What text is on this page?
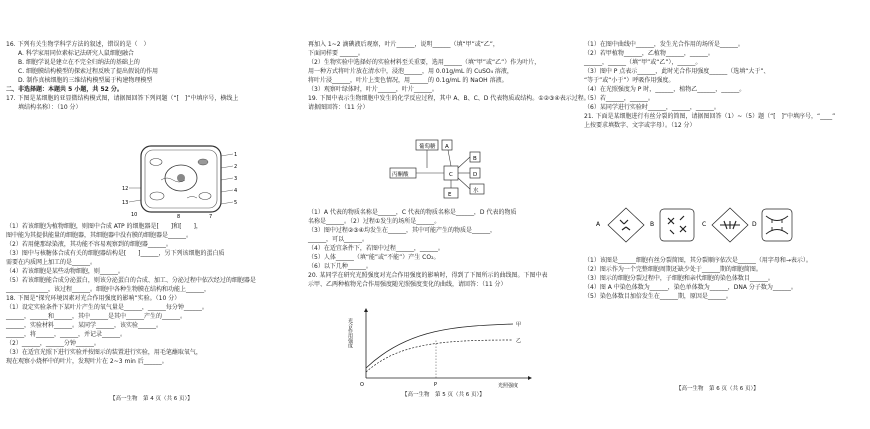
16. 下列有关生物学科学方法的叙述，错误的是（　）

A. 科学家用同位素标记法研究人鼠细胞融合

B. 细胞学说是建立在不完全归纳法的基础上的

C. 细胞膜结构模型的探索过程反映了提出假说的作用

D. 制作真核细胞的三维结构模型属于构建物理模型

二、非选择题：本题共 5 小题，共 52 分。

17. 下图是某细胞的亚显微结构模式图，请据图回答下列问题（“[　]”中填序号，横线上

　　填结构名称）：（10 分）

1
2
3
4
5
12
13
10	8	7

（1）若该细胞为植物细胞，则图中合成 ATP 的细胞器是[　　]和[　　]，

图中能为其提供能量的细胞器，其细胞器中没有膜的细胞器是______。

（2）若用健那绿染液，其功能不容易观察到的细胞器______。

（3）图中与核糖体合成有关的细胞器结构是[　　]______，另下列该细胞的蛋白质

需要在内质网上加工的是______。

（4）若该细胞是某些动物细胞，则______。

（5）若该细胞能合成分泌蛋白，则该分泌蛋白的合成、加工、分泌过程中依次经过的细胞器是

______________，该过程______。细胞中各种生物膜在结构和功能上______，

18. 下图是“探究环境因素对光合作用强度的影响”实验。（10 分）

（1）设定实验条件下某叶片产生的氧气量是______，______每分钟______。

______，______和______，其中______是其中______产生的______。

______，实验材料______。某同学______，该实验______。

______，将______，______，并记录______。

（2）______，______分钟______。

（3）在适宜光照下进行实验并按图示的装置进行实验，用毛笔蘸取氧气，

现在观察小烧杯中的叶片，发现叶片在 2~3 min 后______。

【高一生物　第 4 页（共 6 页）】

再加入 1~2 滴碘液后观察，叶片______，说明______（填“甲”或“乙”，

下面同样要 ______。

（2）生物实验中选择好的实验材料至关重要，选用______（填“甲”或“乙”）作为叶片，

用一种方式将叶片放在清水中，浸泡______，用 0.01g/mL 的 CuSO₄ 溶液，

将叶片浸______，叶片上变色情况，用______的 0.1g/mL 的 NaOH 溶液。

（3）观察叶绿体时，叶片______，叶片______。

19. 下图中表示生物细胞中发生的化学反应过程，其中 A、B、C、D 代表物质或结构。①②③④表示过程。

请据图回答：（11 分）

葡萄糖
丙酮酸
A
B
C	D
水
E

（1）A 代表的物质名称是______，C 代表的物质名称是______，D 代表的物质

名称是______。（2）过程①发生的场所是______。

（3）图中过程②③④均发生在______，其中可能产生的物质是______，

______，可以______。

（4）在适宜条件下，若图中过程______，______。

（5）人体______（填“能”或“不能”）产生 CO₂。

（6）以下几种______。

20. 某同学在研究光照强度对光合作用强度的影响时，得到了下图所示的曲线图。下图中表

示甲、乙两种植物光合作用强度随光照强度变化的曲线，请回答：（11 分）

光合作用强度
光照强度
甲
乙
O	P
【高一生物　第 5 页（共 6 页）】

（1）在图中曲线中______，发生光合作用的场所是______。

（2）若甲植物______，乙植物______，______。

______，______（填“甲”或“乙”），______。

（3）图中 P 点表示______，此时光合作用强度______（选填“大于”、

“等于”或“小于”）呼吸作用强度。

（4）在光照强度为 P 时，______，植物乙______，______。

（5）若______，______。

（6）某同学进行实验时______，______，______。

21. 下面是某细胞进行有丝分裂的简图，请据图回答（1）~（5）题（“[　]”中填序号，“____”

上按要求填数字、文字或字母）。（12 分）

A	B	C	D

（1）该图是______细胞有丝分裂简图，其分裂顺序依次是______（用字母和→表示）。

（2）图示作为一个完整细胞周期还缺少处于______期的细胞简图。

（3）图示的细胞分裂过程中，子细胞和亲代细胞的染色体数目______。

（4）图 A 中染色体数为______，染色单体数为______，DNA 分子数为______。

（5）染色体数目加倍发生在______期，原因是______。

【高一生物　第 6 页（共 6 页）】
